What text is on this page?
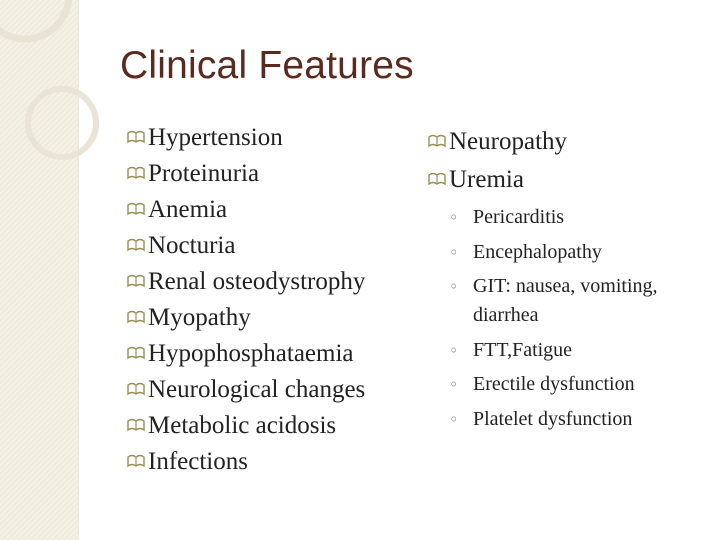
Clinical Features
Hypertension
Proteinuria
Anemia
Nocturia
Renal osteodystrophy
Myopathy
Hypophosphataemia
Neurological changes
Metabolic acidosis
Infections
Neuropathy
Uremia
◦ Pericarditis
◦ Encephalopathy
◦ GIT: nausea, vomiting, diarrhea
◦ FTT,Fatigue
◦ Erectile dysfunction
◦ Platelet dysfunction
